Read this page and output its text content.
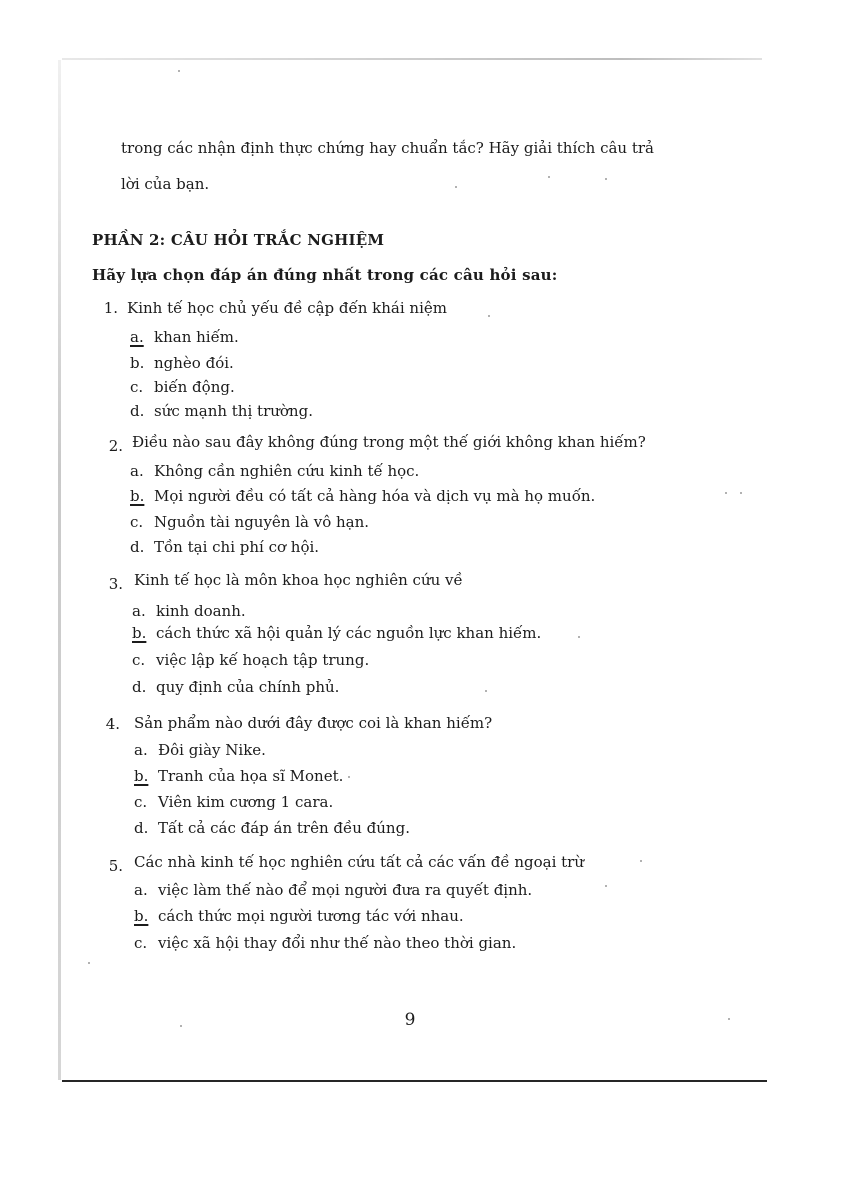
trong các nhận định thực chứng hay chuẩn tắc? Hãy giải thích câu trả
lời của bạn.
PHẦN 2: CÂU HỎI TRẮC NGHIỆM
Hãy lựa chọn đáp án đúng nhất trong các câu hỏi sau:
1. Kinh tế học chủ yếu đề cập đến khái niệm
a. khan hiếm.
b. nghèo đói.
c. biến động.
d. sức mạnh thị trường.
2. Điều nào sau đây không đúng trong một thế giới không khan hiếm?
a. Không cần nghiên cứu kinh tế học.
b. Mọi người đều có tất cả hàng hóa và dịch vụ mà họ muốn.
c. Nguồn tài nguyên là vô hạn.
d. Tồn tại chi phí cơ hội.
3. Kinh tế học là môn khoa học nghiên cứu về
a. kinh doanh.
b. cách thức xã hội quản lý các nguồn lực khan hiếm.
c. việc lập kế hoạch tập trung.
d. quy định của chính phủ.
4. Sản phẩm nào dưới đây được coi là khan hiếm?
a. Đôi giày Nike.
b. Tranh của họa sĩ Monet.
c. Viên kim cương 1 cara.
d. Tất cả các đáp án trên đều đúng.
5. Các nhà kinh tế học nghiên cứu tất cả các vấn đề ngoại trừ
a. việc làm thế nào để mọi người đưa ra quyết định.
b. cách thức mọi người tương tác với nhau.
c. việc xã hội thay đổi như thế nào theo thời gian.
9
